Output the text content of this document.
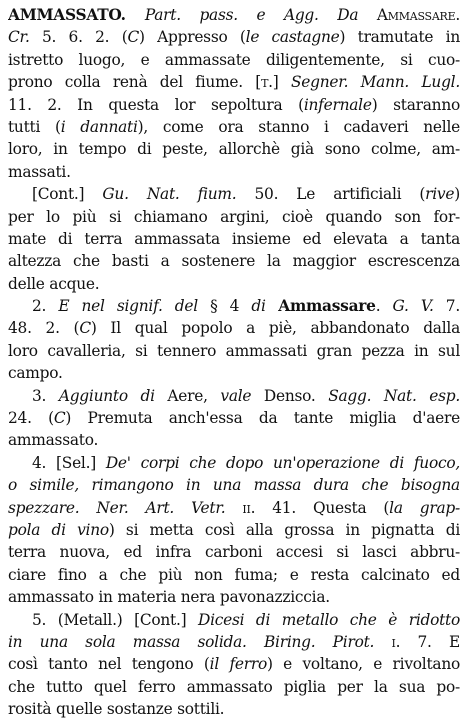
AMMASSATO. Part. pass. e Agg. Da Ammassare.
Cr. 5. 6. 2. (C) Appresso (le castagne) tramutate in
istretto luogo, e ammassate diligentemente, si cuo-
prono colla renà del fiume. [t.] Segner. Mann. Lugl.
11. 2. In questa lor sepoltura (infernale) staranno
tutti (i dannati), come ora stanno i cadaveri nelle
loro, in tempo di peste, allorchè già sono colme, am-
massati.
[Cont.] Gu. Nat. fium. 50. Le artificiali (rive)
per lo più si chiamano argini, cioè quando son for-
mate di terra ammassata insieme ed elevata a tanta
altezza che basti a sostenere la maggior escrescenza
delle acque.
2. E nel signif. del § 4 di Ammassare. G. V. 7.
48. 2. (C) Il qual popolo a piè, abbandonato dalla
loro cavalleria, si tennero ammassati gran pezza in sul
campo.
3. Aggiunto di Aere, vale Denso. Sagg. Nat. esp.
24. (C) Premuta anch'essa da tante miglia d'aere
ammassato.
4. [Sel.] De' corpi che dopo un'operazione di fuoco,
o simile, rimangono in una massa dura che bisogna
spezzare. Ner. Art. Vetr. ii. 41. Questa (la grap-
pola di vino) si metta così alla grossa in pignatta di
terra nuova, ed infra carboni accesi si lasci abbru-
ciare fino a che più non fuma; e resta calcinato ed
ammassato in materia nera pavonazziccia.
5. (Metall.) [Cont.] Dicesi di metallo che è ridotto
in una sola massa solida. Biring. Pirot. i. 7. E
così tanto nel tengono (il ferro) e voltano, e rivoltano
che tutto quel ferro ammassato piglia per la sua po-
rosità quelle sostanze sottili.
